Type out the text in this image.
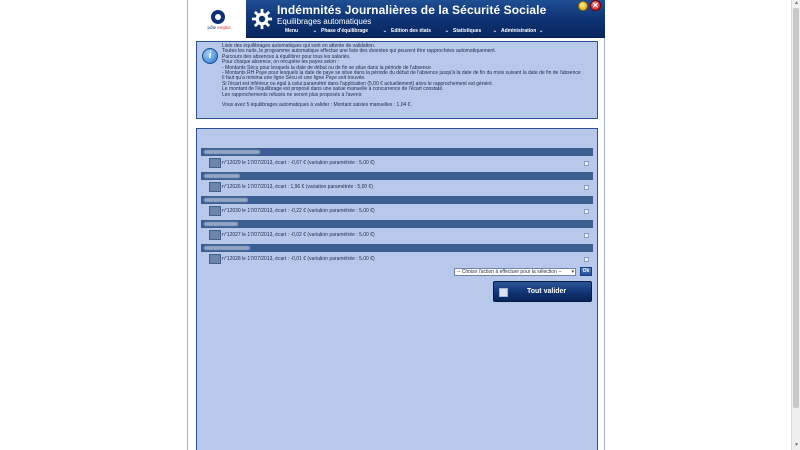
pôle emploi
Indémnités Journalières de la Sécurité Sociale
Equilibrages automatiques
Menu	⌄ Phase d'équilibrage	⌄ Edition des états	⌄ Statistiques ⌄ Administration ⌄
✕
i
Liste des équilibrages automatiques qui sont en attente de validation.
Toutes les nuits, le programme automatique effectue une liste des données qui peuvent être rapprochées automatiquement.
Parcours des absences à équilibrer pour tous les salariés.
Pour chaque absence, on récupère les payes selon :
- Montants Sécu pour lesquels la date de début ou de fin se situe dans la période de l'absence
- Montants RH Paye pour lesquels la date de paye se situe dans la période du début de l'absence jusqu'à la date de fin du mois suivant la date de fin de l'absence
Il faut qu'a minima une ligne Sécu et une ligne Paye soit trouvée.
Si l'écart est inférieur ou égal à celui paramétré dans l'application (5,00 € actuellement) alors le rapprochement est généré.
Le montant de l'équilibrage est proposé dans une saisie manuelle à concurrence de l'écart constaté.
Les rapprochements refusés ne seront plus proposés à l'avenir.
Vous avez 5 équilibrages automatiques à valider : Montant saisies manuelles : 1,04 €.
n°12029 le 17/07/2013, écart : -0,67 € (variation paramétrée : 5,00 €)
n°12026 le 17/07/2013, écart : 1,96 € (variation paramétrée : 5,00 €)
n°12030 le 17/07/2013, écart : -0,22 € (variation paramétrée : 5,00 €)
n°12027 le 17/07/2013, écart : -0,02 € (variation paramétrée : 5,00 €)
n°12028 le 17/07/2013, écart : -0,01 € (variation paramétrée : 5,00 €)
-- Choisir l'action à effectuer pour la sélection -- ▾	Ok
Tout valider
▲
▼
